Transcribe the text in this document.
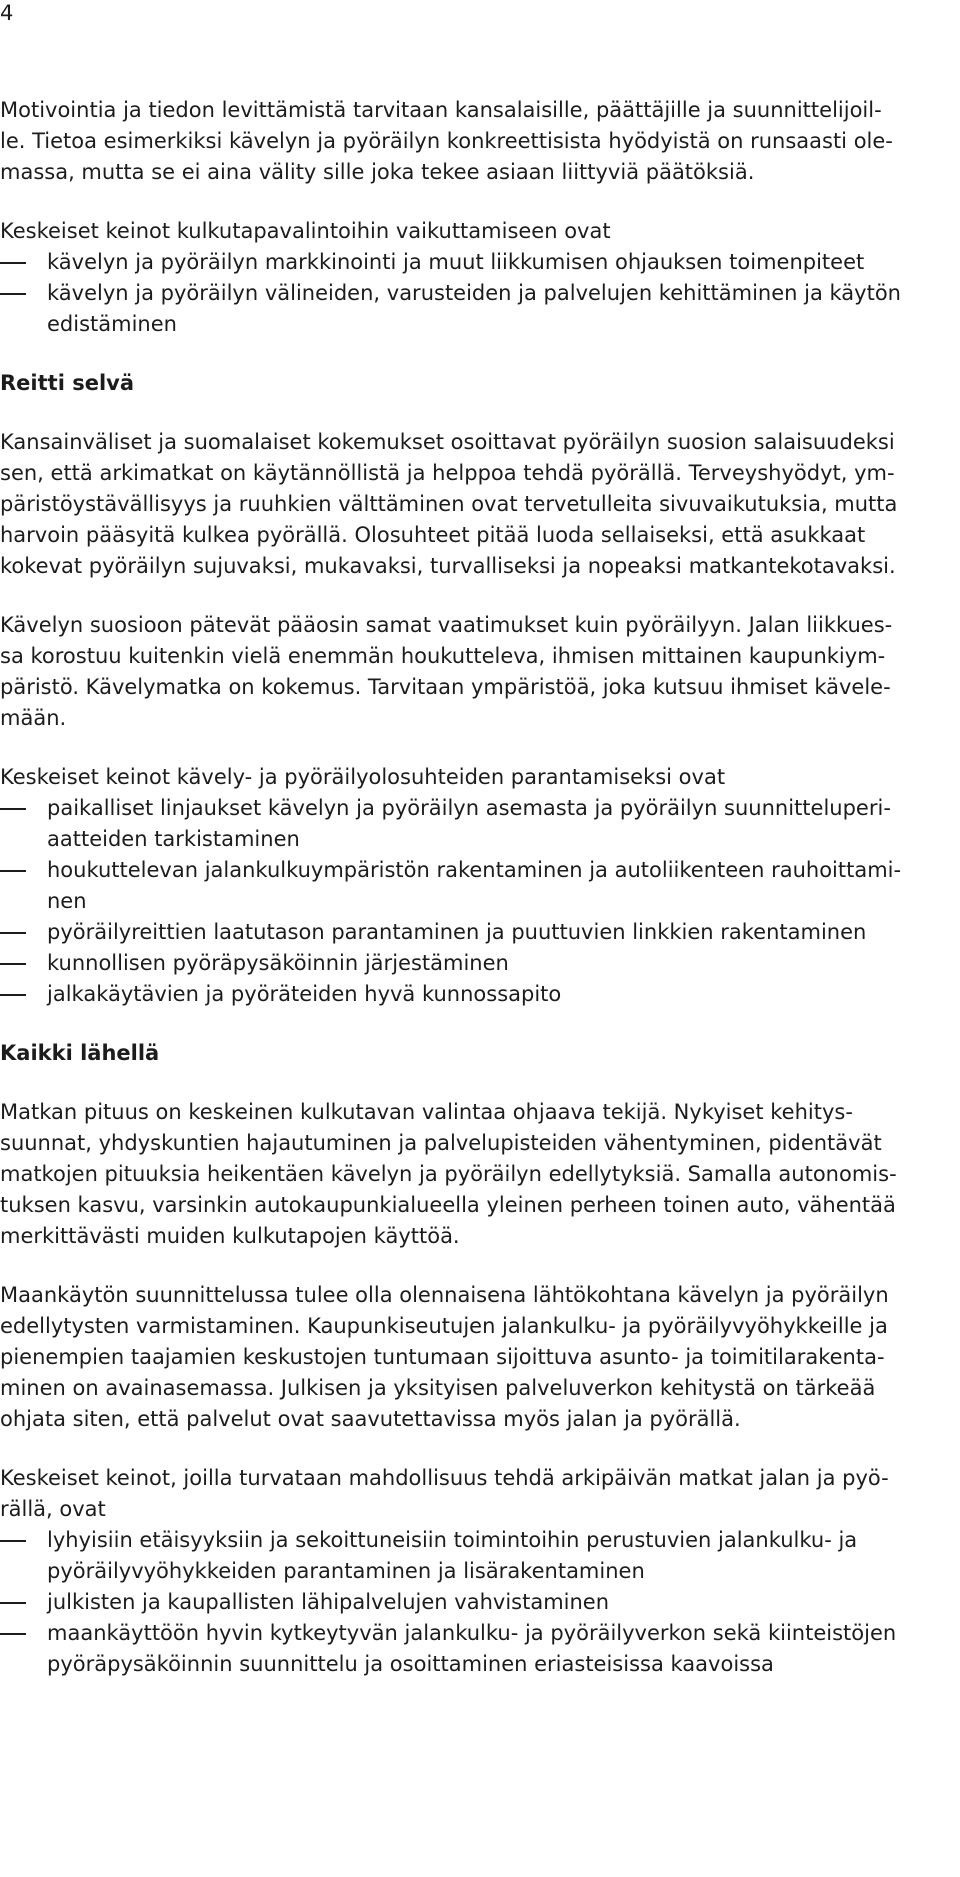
4
Motivointia ja tiedon levittämistä tarvitaan kansalaisille, päättäjille ja suunnittelijoil-
le. Tietoa esimerkiksi kävelyn ja pyöräilyn konkreettisista hyödyistä on runsaasti ole-
massa, mutta se ei aina välity sille joka tekee asiaan liittyviä päätöksiä.
Keskeiset keinot kulkutapavalintoihin vaikuttamiseen ovat
kävelyn ja pyöräilyn markkinointi ja muut liikkumisen ohjauksen toimenpiteet
kävelyn ja pyöräilyn välineiden, varusteiden ja palvelujen kehittäminen ja käytön
edistäminen
Reitti selvä
Kansainväliset ja suomalaiset kokemukset osoittavat pyöräilyn suosion salaisuudeksi
sen, että arkimatkat on käytännöllistä ja helppoa tehdä pyörällä. Terveyshyödyt, ym-
päristöystävällisyys ja ruuhkien välttäminen ovat tervetulleita sivuvaikutuksia, mutta
harvoin pääsyitä kulkea pyörällä. Olosuhteet pitää luoda sellaiseksi, että asukkaat
kokevat pyöräilyn sujuvaksi, mukavaksi, turvalliseksi ja nopeaksi matkantekotavaksi.
Kävelyn suosioon pätevät pääosin samat vaatimukset kuin pyöräilyyn. Jalan liikkues-
sa korostuu kuitenkin vielä enemmän houkutteleva, ihmisen mittainen kaupunkiym-
päristö. Kävelymatka on kokemus. Tarvitaan ympäristöä, joka kutsuu ihmiset kävele-
mään.
Keskeiset keinot kävely- ja pyöräilyolosuhteiden parantamiseksi ovat
paikalliset linjaukset kävelyn ja pyöräilyn asemasta ja pyöräilyn suunnitteluperi-
aatteiden tarkistaminen
houkuttelevan jalankulkuympäristön rakentaminen ja autoliikenteen rauhoittami-
nen
pyöräilyreittien laatutason parantaminen ja puuttuvien linkkien rakentaminen
kunnollisen pyöräpysäköinnin järjestäminen
jalkakäytävien ja pyöräteiden hyvä kunnossapito
Kaikki lähellä
Matkan pituus on keskeinen kulkutavan valintaa ohjaava tekijä. Nykyiset kehitys-
suunnat, yhdyskuntien hajautuminen ja palvelupisteiden vähentyminen, pidentävät
matkojen pituuksia heikentäen kävelyn ja pyöräilyn edellytyksiä. Samalla autonomis-
tuksen kasvu, varsinkin autokaupunkialueella yleinen perheen toinen auto, vähentää
merkittävästi muiden kulkutapojen käyttöä.
Maankäytön suunnittelussa tulee olla olennaisena lähtökohtana kävelyn ja pyöräilyn
edellytysten varmistaminen. Kaupunkiseutujen jalankulku- ja pyöräilyvyöhykkeille ja
pienempien taajamien keskustojen tuntumaan sijoittuva asunto- ja toimitilarakenta-
minen on avainasemassa. Julkisen ja yksityisen palveluverkon kehitystä on tärkeää
ohjata siten, että palvelut ovat saavutettavissa myös jalan ja pyörällä.
Keskeiset keinot, joilla turvataan mahdollisuus tehdä arkipäivän matkat jalan ja pyö-
rällä, ovat
lyhyisiin etäisyyksiin ja sekoittuneisiin toimintoihin perustuvien jalankulku- ja
pyöräilyvyöhykkeiden parantaminen ja lisärakentaminen
julkisten ja kaupallisten lähipalvelujen vahvistaminen
maankäyttöön hyvin kytkeytyvän jalankulku- ja pyöräilyverkon sekä kiinteistöjen
pyöräpysäköinnin suunnittelu ja osoittaminen eriasteisissa kaavoissa
